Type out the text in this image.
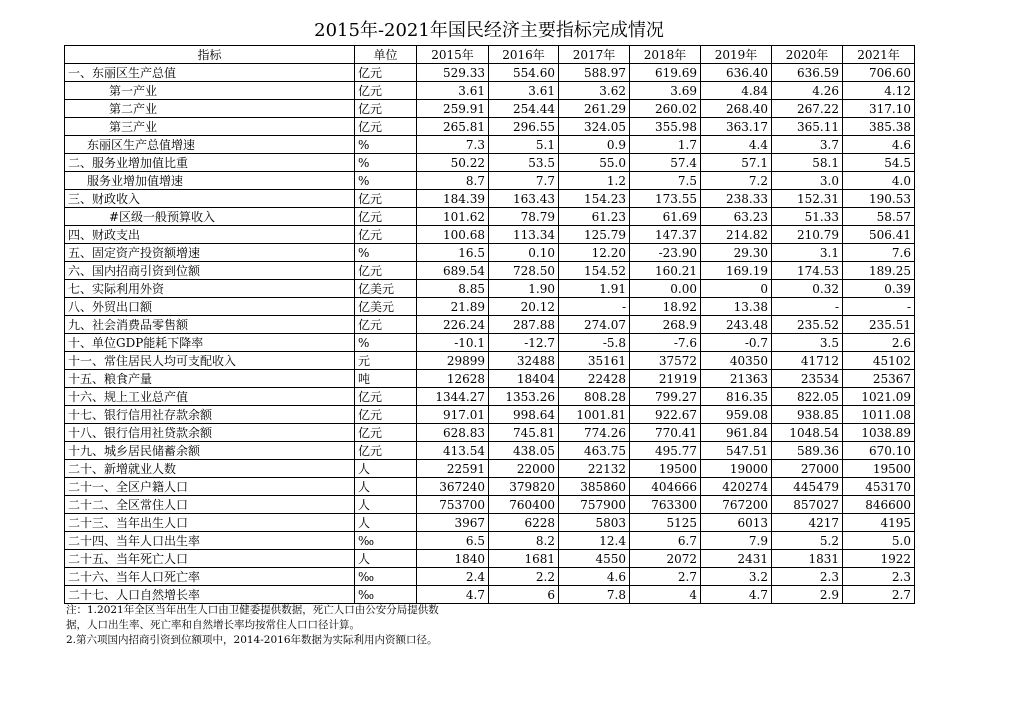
2015年-2021年国民经济主要指标完成情况
指标	单位	2015年	2016年	2017年	2018年	2019年	2020年	2021年
一、东丽区生产总值	亿元	529.33	554.60	588.97	619.69	636.40	636.59	706.60
第一产业	亿元	3.61	3.61	3.62	3.69	4.84	4.26	4.12
第二产业	亿元	259.91	254.44	261.29	260.02	268.40	267.22	317.10
第三产业	亿元	265.81	296.55	324.05	355.98	363.17	365.11	385.38
东丽区生产总值增速	%	7.3	5.1	0.9	1.7	4.4	3.7	4.6
二、服务业增加值比重	%	50.22	53.5	55.0	57.4	57.1	58.1	54.5
服务业增加值增速	%	8.7	7.7	1.2	7.5	7.2	3.0	4.0
三、财政收入	亿元	184.39	163.43	154.23	173.55	238.33	152.31	190.53
#区级一般预算收入	亿元	101.62	78.79	61.23	61.69	63.23	51.33	58.57
四、财政支出	亿元	100.68	113.34	125.79	147.37	214.82	210.79	506.41
五、固定资产投资额增速	%	16.5	0.10	12.20	-23.90	29.30	3.1	7.6
六、国内招商引资到位额	亿元	689.54	728.50	154.52	160.21	169.19	174.53	189.25
七、实际利用外资	亿美元	8.85	1.90	1.91	0.00	0	0.32	0.39
八、外贸出口额	亿美元	21.89	20.12	-	18.92	13.38	-	-
九、社会消费品零售额	亿元	226.24	287.88	274.07	268.9	243.48	235.52	235.51
十、单位GDP能耗下降率	%	-10.1	-12.7	-5.8	-7.6	-0.7	3.5	2.6
十一、常住居民人均可支配收入	元	29899	32488	35161	37572	40350	41712	45102
十五、粮食产量	吨	12628	18404	22428	21919	21363	23534	25367
十六、规上工业总产值	亿元	1344.27	1353.26	808.28	799.27	816.35	822.05	1021.09
十七、银行信用社存款余额	亿元	917.01	998.64	1001.81	922.67	959.08	938.85	1011.08
十八、银行信用社贷款余额	亿元	628.83	745.81	774.26	770.41	961.84	1048.54	1038.89
十九、城乡居民储蓄余额	亿元	413.54	438.05	463.75	495.77	547.51	589.36	670.10
二十、新增就业人数	人	22591	22000	22132	19500	19000	27000	19500
二十一、全区户籍人口	人	367240	379820	385860	404666	420274	445479	453170
二十二、全区常住人口	人	753700	760400	757900	763300	767200	857027	846600
二十三、当年出生人口	人	3967	6228	5803	5125	6013	4217	4195
二十四、当年人口出生率	‰	6.5	8.2	12.4	6.7	7.9	5.2	5.0
二十五、当年死亡人口	人	1840	1681	4550	2072	2431	1831	1922
二十六、当年人口死亡率	‰	2.4	2.2	4.6	2.7	3.2	2.3	2.3
二十七、人口自然增长率	‰	4.7	6	7.8	4	4.7	2.9	2.7
注：1.2021年全区当年出生人口由卫健委提供数据，死亡人口由公安分局提供数
据，人口出生率、死亡率和自然增长率均按常住人口口径计算。
2.第六项国内招商引资到位额项中，2014-2016年数据为实际利用内资额口径。
